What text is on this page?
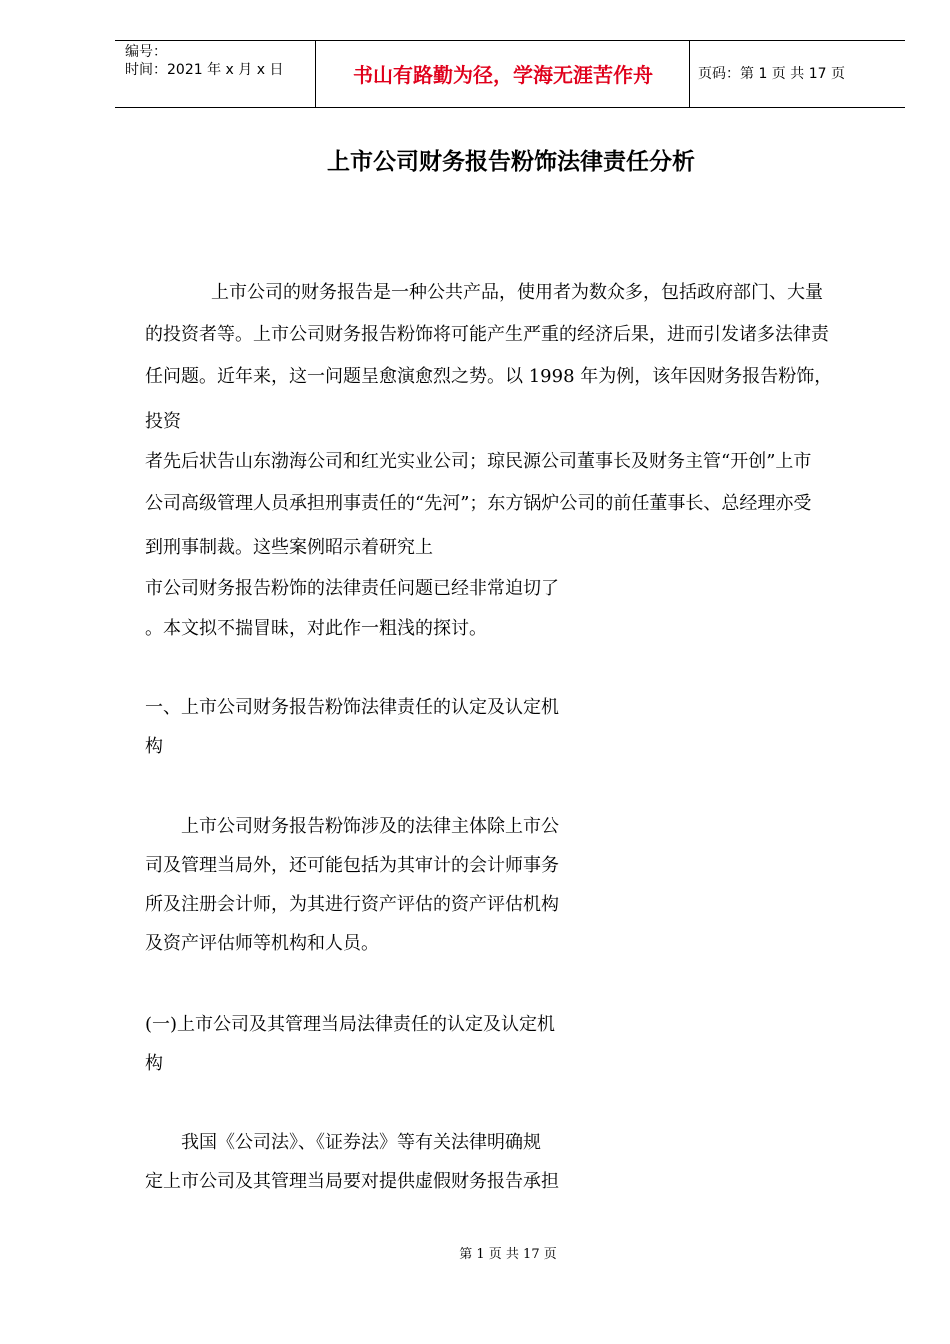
编号：
时间：2021 年 x 月 x 日	书山有路勤为径，学海无涯苦作舟	页码：第 1 页 共 17 页
上市公司财务报告粉饰法律责任分析
上市公司的财务报告是一种公共产品，使用者为数众多，包括政府部门、大量
的投资者等。上市公司财务报告粉饰将可能产生严重的经济后果，进而引发诸多法律责
任问题。近年来，这一问题呈愈演愈烈之势。以 1998 年为例，该年因财务报告粉饰，
投资
者先后状告山东渤海公司和红光实业公司；琼民源公司董事长及财务主管“开创”上市
公司高级管理人员承担刑事责任的“先河”；东方锅炉公司的前任董事长、总经理亦受
到刑事制裁。这些案例昭示着研究上
市公司财务报告粉饰的法律责任问题已经非常迫切了
。本文拟不揣冒昧，对此作一粗浅的探讨。
一、上市公司财务报告粉饰法律责任的认定及认定机
构
上市公司财务报告粉饰涉及的法律主体除上市公
司及管理当局外，还可能包括为其审计的会计师事务
所及注册会计师，为其进行资产评估的资产评估机构
及资产评估师等机构和人员。
(一)上市公司及其管理当局法律责任的认定及认定机
构
我国《公司法》、《证券法》等有关法律明确规
定上市公司及其管理当局要对提供虚假财务报告承担
第 1 页 共 17 页
